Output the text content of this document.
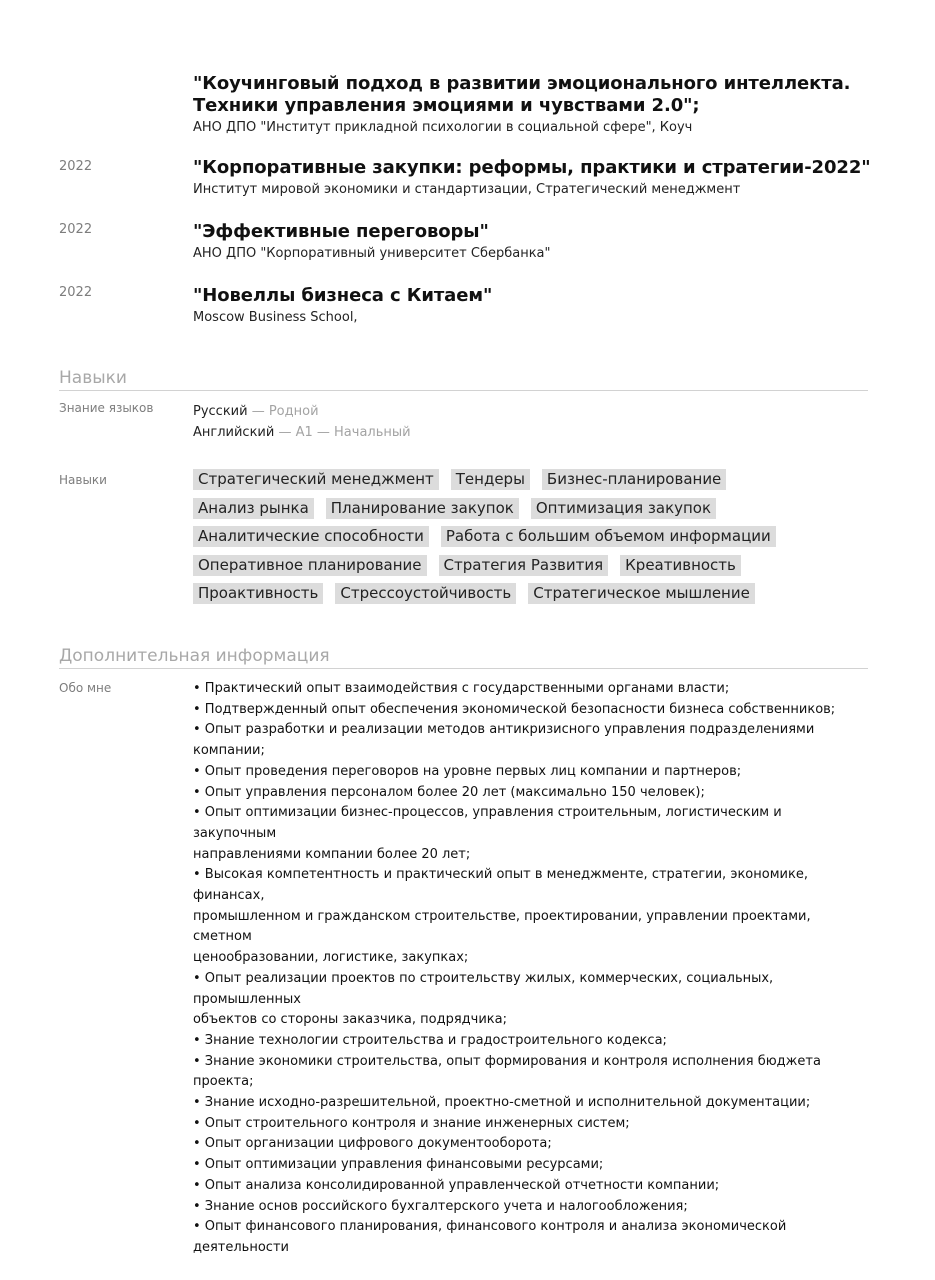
"Коучинговый подход в развитии эмоционального интеллекта.
Техники управления эмоциями и чувствами 2.0";
АНО ДПО "Институт прикладной психологии в социальной сфере", Коуч
2022	"Корпоративные закупки: реформы, практики и стратегии-2022"
Институт мировой экономики и стандартизации, Стратегический менеджмент
2022	"Эффективные переговоры"
АНО ДПО "Корпоративный университет Сбербанка"
2022	"Новеллы бизнеса с Китаем"
Moscow Business School,
Навыки
Знание языков	Русский — Родной
Английский — A1 — Начальный
Навыки	Стратегический менеджмент Тендеры Бизнес-планирование
Анализ рынка Планирование закупок Оптимизация закупок
Аналитические способности Работа с большим объемом информации
Оперативное планирование Стратегия Развития Креативность
Проактивность Стрессоустойчивость Стратегическое мышление
Дополнительная информация
Обо мне	• Практический опыт взаимодействия с государственными органами власти;
• Подтвержденный опыт обеспечения экономической безопасности бизнеса собственников;
• Опыт разработки и реализации методов антикризисного управления подразделениями
компании;
• Опыт проведения переговоров на уровне первых лиц компании и партнеров;
• Опыт управления персоналом более 20 лет (максимально 150 человек);
• Опыт оптимизации бизнес-процессов, управления строительным, логистическим и
закупочным
направлениями компании более 20 лет;
• Высокая компетентность и практический опыт в менеджменте, стратегии, экономике,
финансах,
промышленном и гражданском строительстве, проектировании, управлении проектами,
сметном
ценообразовании, логистике, закупках;
• Опыт реализации проектов по строительству жилых, коммерческих, социальных,
промышленных
объектов со стороны заказчика, подрядчика;
• Знание технологии строительства и градостроительного кодекса;
• Знание экономики строительства, опыт формирования и контроля исполнения бюджета
проекта;
• Знание исходно-разрешительной, проектно-сметной и исполнительной документации;
• Опыт строительного контроля и знание инженерных систем;
• Опыт организации цифрового документооборота;
• Опыт оптимизации управления финансовыми ресурсами;
• Опыт анализа консолидированной управленческой отчетности компании;
• Знание основ российского бухгалтерского учета и налогообложения;
• Опыт финансового планирования, финансового контроля и анализа экономической
деятельности
